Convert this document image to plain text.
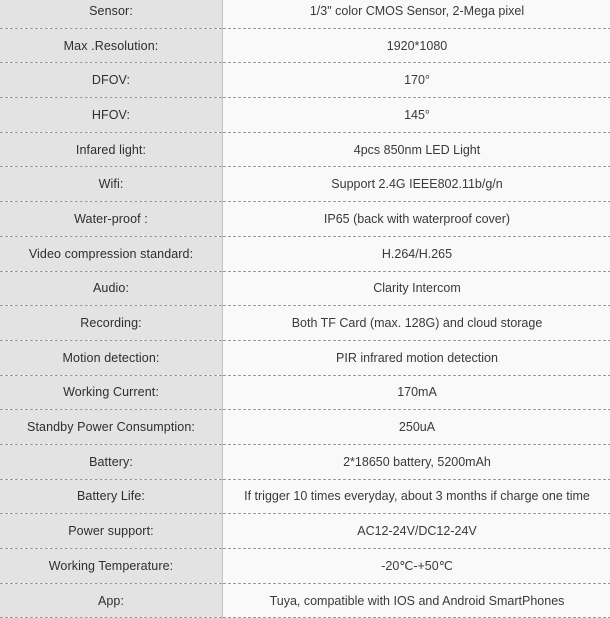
Sensor:	1/3" color CMOS Sensor, 2-Mega pixel
Max .Resolution:	1920*1080
DFOV:	170°
HFOV:	145°
Infared light:	4pcs 850nm LED Light
Wifi:	Support 2.4G IEEE802.11b/g/n
Water-proof :	IP65 (back with waterproof cover)
Video compression standard:	H.264/H.265
Audio:	Clarity Intercom
Recording:	Both TF Card (max. 128G) and cloud storage
Motion detection:	PIR infrared motion detection
Working Current:	170mA
Standby Power Consumption:	250uA
Battery:	2*18650 battery, 5200mAh
Battery Life:	If trigger 10 times everyday, about 3 months if charge one time
Power support:	AC12-24V/DC12-24V
Working Temperature:	-20℃-+50℃
App:	Tuya, compatible with IOS and Android SmartPhones
